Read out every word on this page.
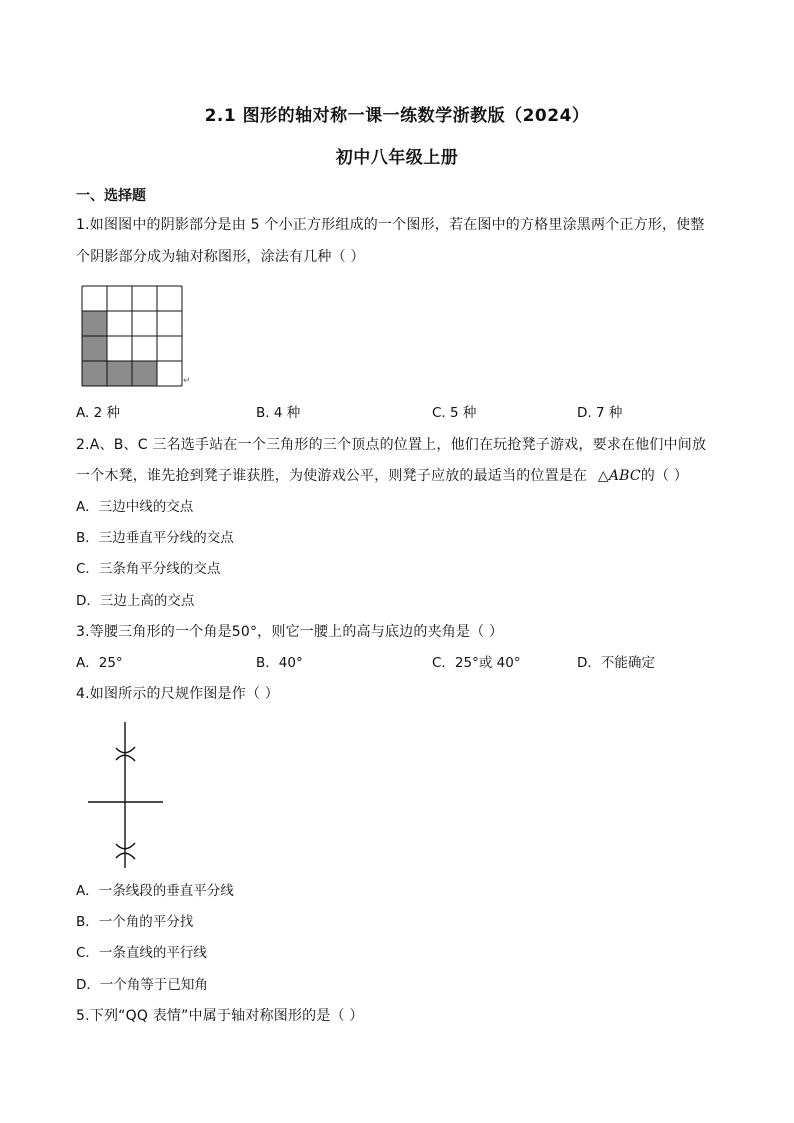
2.1 图形的轴对称一课一练数学浙教版（2024）
初中八年级上册
一、选择题
1.如图图中的阴影部分是由 5 个小正方形组成的一个图形，若在图中的方格里涂黑两个正方形，使整
个阴影部分成为轴对称图形，涂法有几种（ ）
↵
A. 2 种	B. 4 种	C. 5 种	D. 7 种
2.A、B、C 三名选手站在一个三角形的三个顶点的位置上，他们在玩抢凳子游戏，要求在他们中间放
一个木凳，谁先抢到凳子谁获胜，为使游戏公平，则凳子应放的最适当的位置是在 △ABC的（ ）
A．三边中线的交点
B．三边垂直平分线的交点
C．三条角平分线的交点
D．三边上高的交点
3.等腰三角形的一个角是50°，则它一腰上的高与底边的夹角是（ ）
A．25°	B．40°	C．25°或 40°	D．不能确定
4.如图所示的尺规作图是作（ ）
A．一条线段的垂直平分线
B．一个角的平分找
C．一条直线的平行线
D．一个角等于已知角
5.下列“QQ 表情”中属于轴对称图形的是（ ）
